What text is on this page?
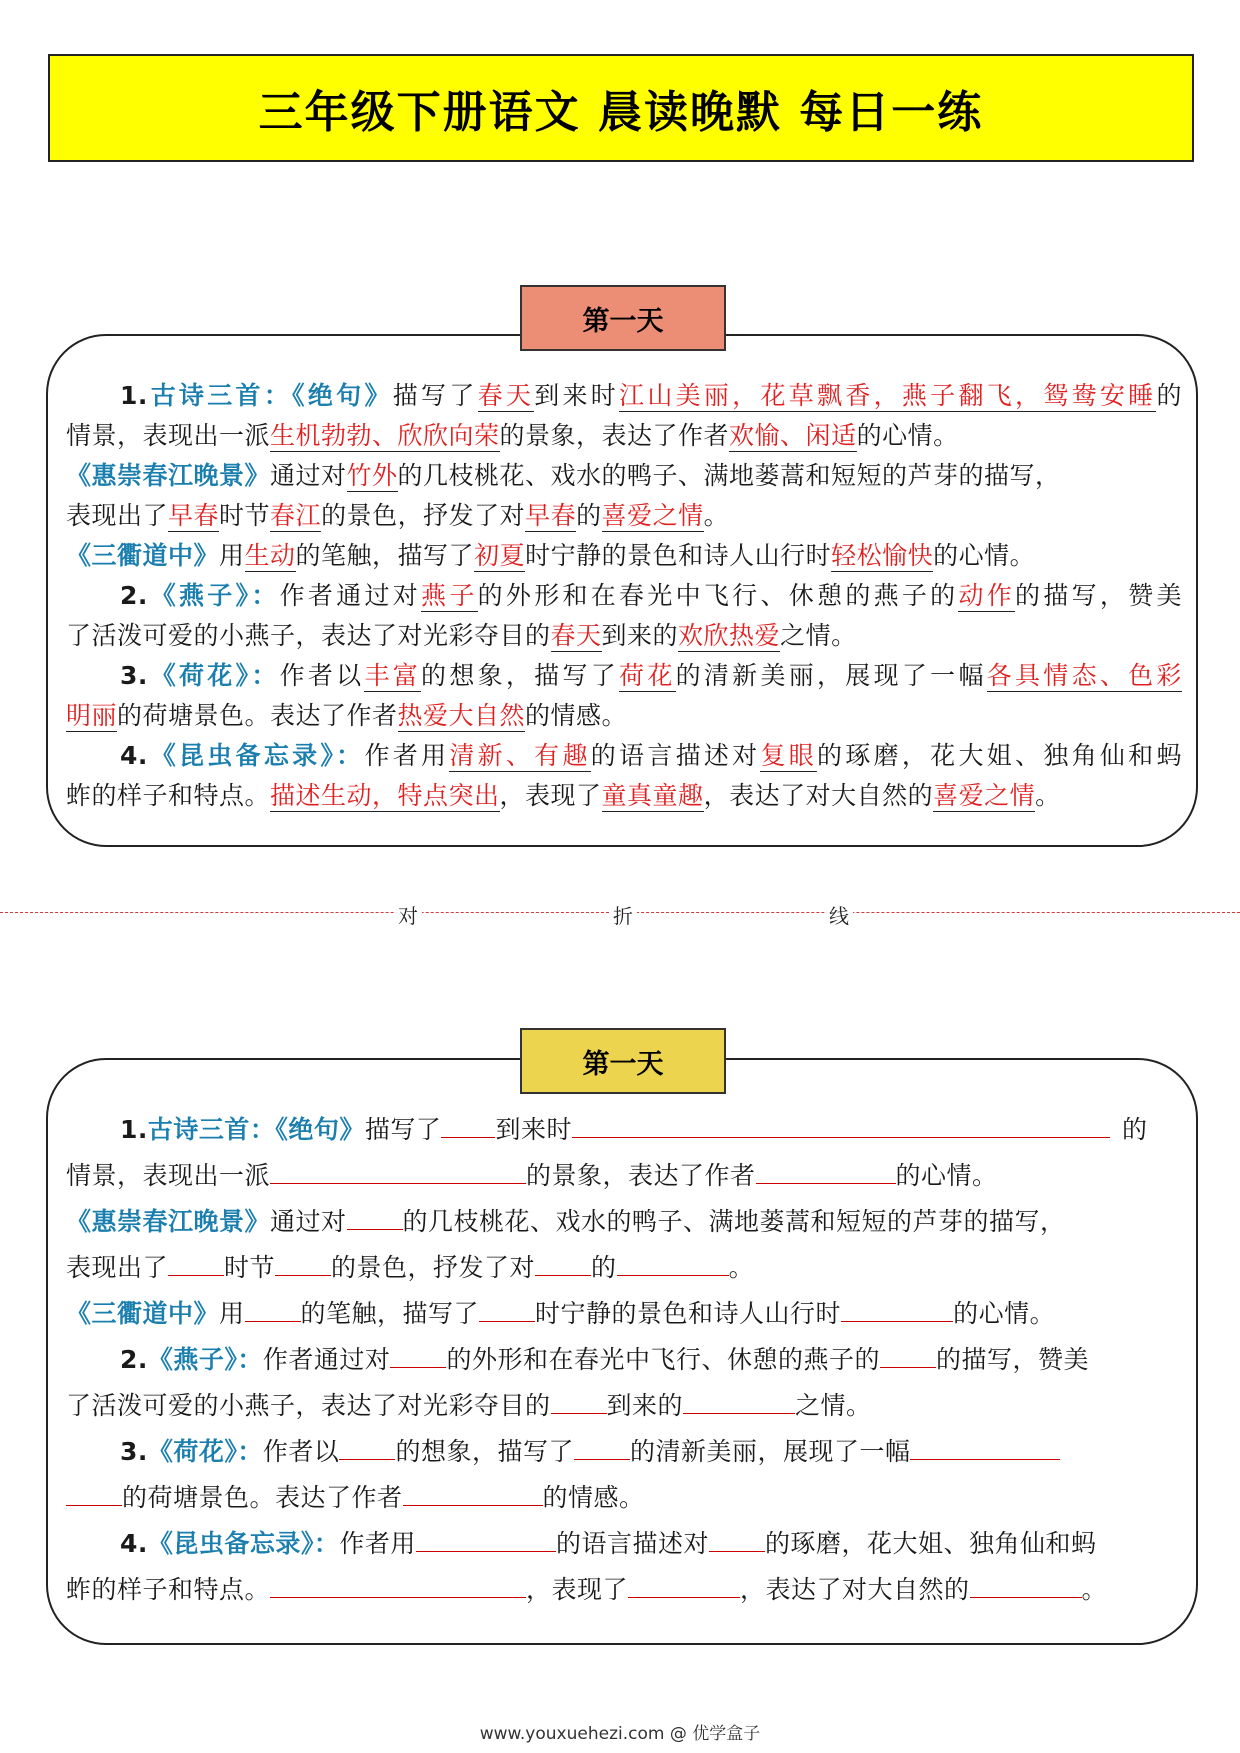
三年级下册语文 晨读晚默 每日一练
第一天
1.古诗三首：《绝句》描写了春天到来时江山美丽，花草飘香，燕子翻飞，鸳鸯安睡的
情景，表现出一派生机勃勃、欣欣向荣的景象，表达了作者欢愉、闲适的心情。
《惠崇春江晚景》通过对竹外的几枝桃花、戏水的鸭子、满地蒌蒿和短短的芦芽的描写，
表现出了早春时节春江的景色，抒发了对早春的喜爱之情。
《三衢道中》用生动的笔触，描写了初夏时宁静的景色和诗人山行时轻松愉快的心情。
2.《燕子》：作者通过对燕子的外形和在春光中飞行、休憩的燕子的动作的描写，赞美
了活泼可爱的小燕子，表达了对光彩夺目的春天到来的欢欣热爱之情。
3.《荷花》：作者以丰富的想象，描写了荷花的清新美丽，展现了一幅各具情态、色彩
明丽的荷塘景色。表达了作者热爱大自然的情感。
4.《昆虫备忘录》：作者用清新、有趣的语言描述对复眼的琢磨，花大姐、独角仙和蚂
蚱的样子和特点。描述生动，特点突出，表现了童真童趣，表达了对大自然的喜爱之情。
对	折	线
第一天
1.古诗三首：《绝句》描写了 到来时	的
情景，表现出一派	的景象，表达了作者	的心情。
《惠崇春江晚景》通过对 的几枝桃花、戏水的鸭子、满地蒌蒿和短短的芦芽的描写，
表现出了 时节 的景色，抒发了对 的	。
《三衢道中》用 的笔触，描写了 时宁静的景色和诗人山行时	的心情。
2.《燕子》：作者通过对 的外形和在春光中飞行、休憩的燕子的 的描写，赞美
了活泼可爱的小燕子，表达了对光彩夺目的 到来的	之情。
3.《荷花》：作者以 的想象，描写了 的清新美丽，展现了一幅
的荷塘景色。表达了作者	的情感。
4.《昆虫备忘录》：作者用	的语言描述对 的琢磨，花大姐、独角仙和蚂
蚱的样子和特点。	，表现了	，表达了对大自然的	。
www.youxuehezi.com @ 优学盒子
